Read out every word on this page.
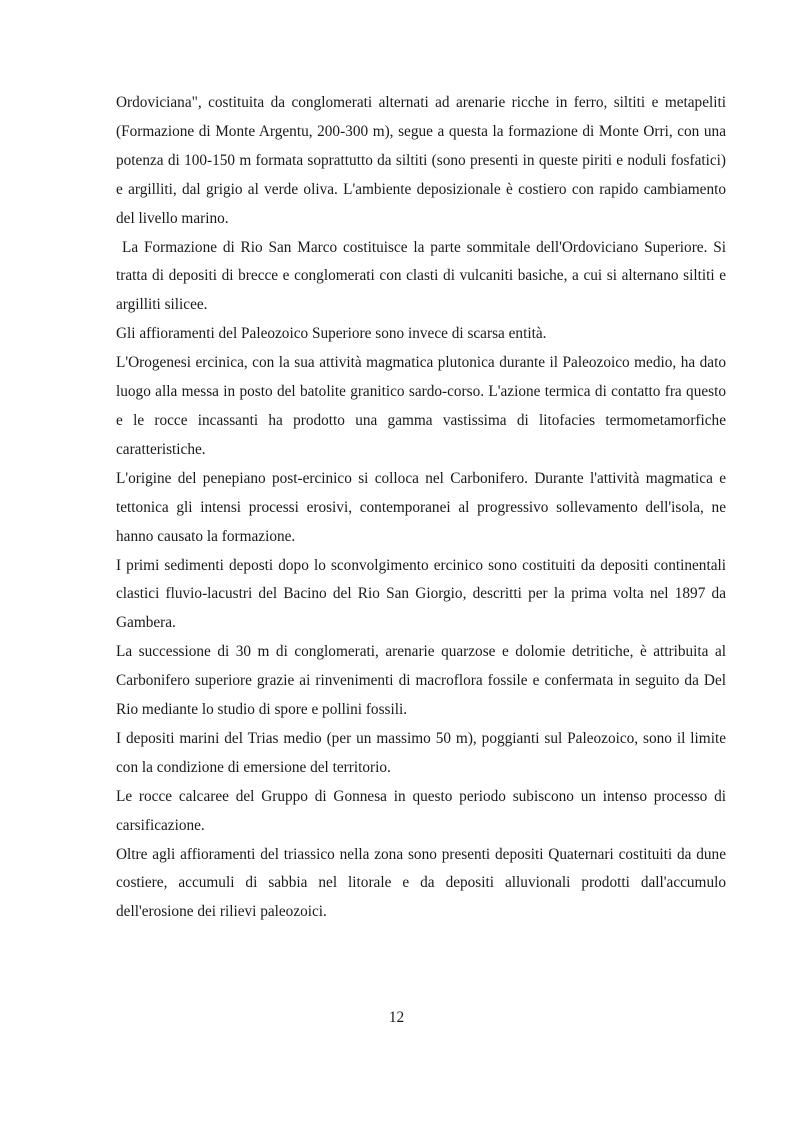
Ordoviciana", costituita da conglomerati alternati ad arenarie ricche in ferro, siltiti e metapeliti (Formazione di Monte Argentu, 200-300 m), segue a questa la formazione di Monte Orri, con una potenza di 100-150 m formata soprattutto da siltiti (sono presenti in queste piriti e noduli fosfatici) e argilliti, dal grigio al verde oliva. L'ambiente deposizionale è costiero con rapido cambiamento del livello marino.

La Formazione di Rio San Marco costituisce la parte sommitale dell'Ordoviciano Superiore. Si tratta di depositi di brecce e conglomerati con clasti di vulcaniti basiche, a cui si alternano siltiti e argilliti silicee.

Gli affioramenti del Paleozoico Superiore sono invece di scarsa entità.

L'Orogenesi ercinica, con la sua attività magmatica plutonica durante il Paleozoico medio, ha dato luogo alla messa in posto del batolite granitico sardo-corso. L'azione termica di contatto fra questo e le rocce incassanti ha prodotto una gamma vastissima di litofacies termometamorfiche caratteristiche.

L'origine del penepiano post-ercinico si colloca nel Carbonifero. Durante l'attività magmatica e tettonica gli intensi processi erosivi, contemporanei al progressivo sollevamento dell'isola, ne hanno causato la formazione.

I primi sedimenti deposti dopo lo sconvolgimento ercinico sono costituiti da depositi continentali clastici fluvio-lacustri del Bacino del Rio San Giorgio, descritti per la prima volta nel 1897 da Gambera.

La successione di 30 m di conglomerati, arenarie quarzose e dolomie detritiche, è attribuita al Carbonifero superiore grazie ai rinvenimenti di macroflora fossile e confermata in seguito da Del Rio mediante lo studio di spore e pollini fossili.

I depositi marini del Trias medio (per un massimo 50 m), poggianti sul Paleozoico, sono il limite con la condizione di emersione del territorio.

Le rocce calcaree del Gruppo di Gonnesa in questo periodo subiscono un intenso processo di carsificazione.

Oltre agli affioramenti del triassico nella zona sono presenti depositi Quaternari costituiti da dune costiere, accumuli di sabbia nel litorale e da depositi alluvionali prodotti dall'accumulo dell'erosione dei rilievi paleozoici.

12
